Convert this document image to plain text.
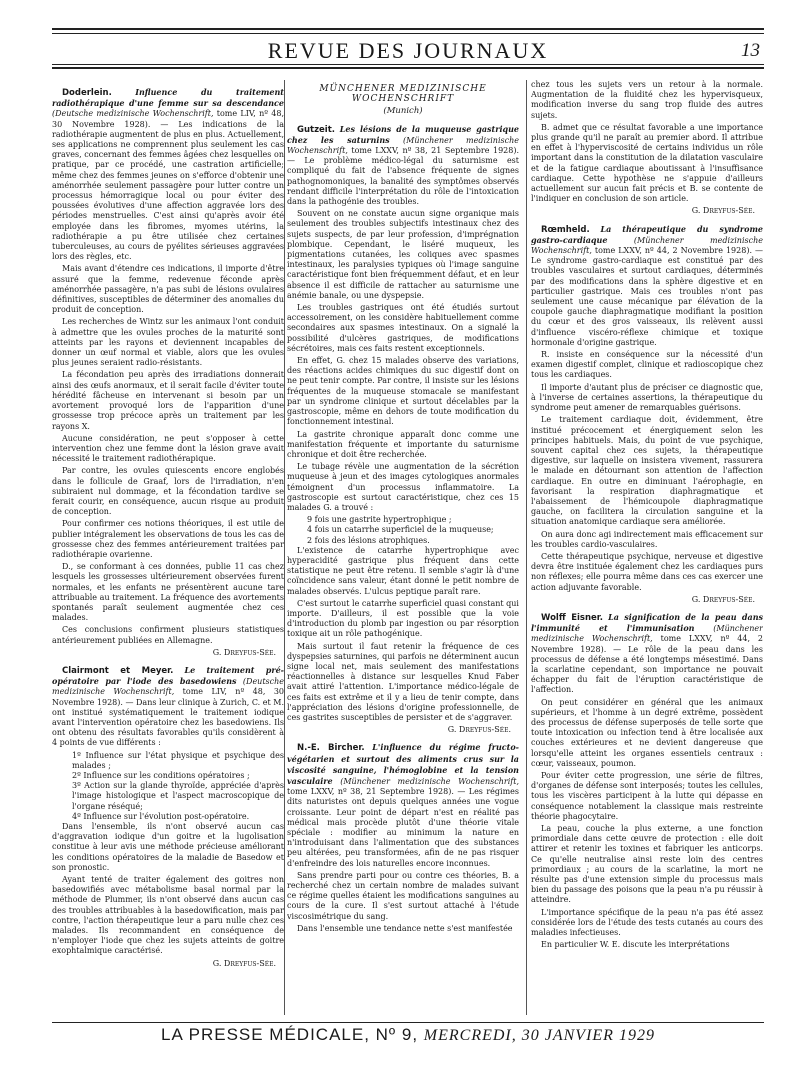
REVUE DES JOURNAUX	13

Doderlein.	Influence du traitement radiothérapique d'une femme sur sa descendance (Deutsche medizinische Wochenschrift, tome LIV, nº 48, 30 Novembre 1928). — Les indications de la radiothérapie augmentent de plus en plus. Actuellement, ses applications ne comprennent plus seulement les cas graves, concernant des femmes âgées chez lesquelles on pratique, par ce procédé, une castration artificielle; même chez des femmes jeunes on s'efforce d'obtenir une aménorrhée seulement passagère pour lutter contre un processus hémorragique local ou pour éviter des poussées évolutives d'une affection aggravée lors des périodes menstruelles. C'est ainsi qu'après avoir été employée dans les fibromes, myomes utérins, la radiothérapie a pu être utilisée chez certaines tuberculeuses, au cours de pyélites sérieuses aggravées lors des règles, etc.

Mais avant d'étendre ces indications, il importe d'être assuré que la femme, redevenue féconde après aménorrhée passagère, n'a pas subi de lésions ovulaires définitives, susceptibles de déterminer des anomalies du produit de conception.

Les recherches de Wintz sur les animaux l'ont conduit à admettre que les ovules proches de la maturité sont atteints par les rayons et deviennent incapables de donner un œuf normal et viable, alors que les ovules plus jeunes seraient radio-résistants.

La fécondation peu après des irradiations donnerait ainsi des œufs anormaux, et il serait facile d'éviter toute hérédité fâcheuse en intervenant si besoin par un avortement provoqué lors de l'apparition d'une grossesse trop précoce après un traitement par les rayons X.

Aucune considération, ne peut s'opposer à cette intervention chez une femme dont la lésion grave avait nécessité le traitement radiothérapique.

Par contre, les ovules quiescents encore englobés dans le follicule de Graaf, lors de l'irradiation, n'en subiraient nul dommage, et la fécondation tardive se ferait courir, en conséquence, aucun risque au produit de conception.

Pour confirmer ces notions théoriques, il est utile de publier intégralement les observations de tous les cas de grossesse chez des femmes antérieurement traitées par radiothérapie ovarienne.

D., se conformant à ces données, publie 11 cas chez lesquels les grossesses ultérieurement observées furent normales, et les enfants ne présentèrent aucune tare attribuable au traitement. La fréquence des avortements spontanés paraît seulement augmentée chez ces malades.

Ces conclusions confirment plusieurs statistiques antérieurement publiées en Allemagne.

G. Dreyfus-Sée.

Clairmont et Meyer. Le traitement pré-opératoire par l'iode des basedowiens (Deutsche medizinische Wochenschrift, tome LIV, nº 48, 30 Novembre 1928). — Dans leur clinique à Zurich, C. et M. ont institué systématiquement le traitement iodique avant l'intervention opératoire chez les basedowiens. Ils ont obtenu des résultats favorables qu'ils considèrent à 4 points de vue différents :

1º Influence sur l'état physique et psychique des malades ;

2º Influence sur les conditions opératoires ;

3º Action sur la glande thyroïde, appréciée d'après l'image histologique et l'aspect macroscopique de l'organe réséqué;

4º Influence sur l'évolution post-opératoire.

Dans l'ensemble, ils n'ont observé aucun cas d'aggravation iodique d'un goitre et la lugolisation constitue à leur avis une méthode précieuse améliorant les conditions opératoires de la maladie de Basedow et son pronostic.

Ayant tenté de traiter également des goitres non basedowifiés avec métabolisme basal normal par la méthode de Plummer, ils n'ont observé dans aucun cas des troubles attribuables à la basedowification, mais par contre, l'action thérapeutique leur a paru nulle chez ces malades. Ils recommandent en conséquence de n'employer l'iode que chez les sujets atteints de goitre exophtalmique caractérisé.

G. Dreyfus-Sée.

MÜNCHENER MEDIZINISCHE WOCHENSCHRIFT

(Munich)

Gutzeit. Les lésions de la muqueuse gastrique chez les saturnins (Münchener medizinische Wochenschrift, tome LXXV, nº 38, 21 Septembre 1928). — Le problème médico-légal du saturnisme est compliqué du fait de l'absence fréquente de signes pathognomoniques, la banalité des symptômes observés rendant difficile l'interprétation du rôle de l'intoxication dans la pathogénie des troubles.

Souvent on ne constate aucun signe organique mais seulement des troubles subjectifs intestinaux chez des sujets suspects, de par leur profession, d'imprégnation plombique. Cependant, le liséré muqueux, les pigmentations cutanées, les coliques avec spasmes intestinaux, les paralysies typiques où l'image sanguine caractéristique font bien fréquemment défaut, et en leur absence il est difficile de rattacher au saturnisme une anémie banale, ou une dyspepsie.

Les troubles gastriques ont été étudiés surtout accessoirement, on les considère habituellement comme secondaires aux spasmes intestinaux. On a signalé la possibilité d'ulcères gastriques, de modifications sécrétoires, mais ces faits restent exceptionnels.

En effet, G. chez 15 malades observe des variations, des réactions acides chimiques du suc digestif dont on ne peut tenir compte. Par contre, il insiste sur les lésions fréquentes de la muqueuse stomacale se manifestant par un syndrome clinique et surtout décelables par la gastroscopie, même en dehors de toute modification du fonctionnement intestinal.

La gastrite chronique apparaît donc comme une manifestation fréquente et importante du saturnisme chronique et doit être recherchée.

Le tubage révèle une augmentation de la sécrétion muqueuse à jeun et des images cytologiques anormales témoignent d'un processus inflammatoire. La gastroscopie est surtout caractéristique, chez ces 15 malades G. a trouvé :

9 fois une gastrite hypertrophique ;

4 fois un catarrhe superficiel de la muqueuse;

2 fois des lésions atrophiques.

L'existence de catarrhe hypertrophique avec hyperacidité gastrique plus fréquent dans cette statistique ne peut être retenu. Il semble s'agir là d'une coïncidence sans valeur, étant donné le petit nombre de malades observés. L'ulcus peptique paraît rare.

C'est surtout le catarrhe superficiel quasi constant qui importe. D'ailleurs, il est possible que la voie d'introduction du plomb par ingestion ou par résorption toxique ait un rôle pathogénique.

Mais surtout il faut retenir la fréquence de ces dyspepsies saturnines, qui parfois ne déterminent aucun signe local net, mais seulement des manifestations réactionnelles à distance sur lesquelles Knud Faber avait attiré l'attention. L'importance médico-légale de ces faits est extrême et il y a lieu de tenir compte, dans l'appréciation des lésions d'origine professionnelle, de ces gastrites susceptibles de persister et de s'aggraver.

G. Dreyfus-Sée.

N.-E. Bircher. L'influence du régime fructo-végétarien et surtout des aliments crus sur la viscosité sanguine, l'hémoglobine et la tension vasculaire (Münchener medizinische Wochenschrift, tome LXXV, nº 38, 21 Septembre 1928). — Les régimes dits naturistes ont depuis quelques années une vogue croissante. Leur point de départ n'est en réalité pas médical mais procède plutôt d'une théorie vitale spéciale : modifier au minimum la nature en n'introduisant dans l'alimentation que des substances peu altérées, peu transformées, afin de ne pas risquer d'enfreindre des lois naturelles encore inconnues.

Sans prendre parti pour ou contre ces théories, B. a recherché chez un certain nombre de malades suivant ce régime quelles étaient les modifications sanguines au cours de la cure. Il s'est surtout attaché à l'étude viscosimétrique du sang.

Dans l'ensemble une tendance nette s'est manifestée

chez tous les sujets vers un retour à la normale. Augmentation de la fluidité chez les hypervisqueux, modification inverse du sang trop fluide des autres sujets.

B. admet que ce résultat favorable a une importance plus grande qu'il ne paraît au premier abord. Il attribue en effet à l'hyperviscosité de certains individus un rôle important dans la constitution de la dilatation vasculaire et de la fatigue cardiaque aboutissant à l'insuffisance cardiaque. Cette hypothèse ne s'appuie d'ailleurs actuellement sur aucun fait précis et B. se contente de l'indiquer en conclusion de son article.

G. Dreyfus-Sée.

Rœmheld. La thérapeutique du syndrome gastro-cardiaque	(Münchener medizinische Wochenschrift, tome LXXV, nº 44, 2 Novembre 1928). — Le syndrome gastro-cardiaque est constitué par des troubles vasculaires et surtout cardiaques, déterminés par des modifications dans la sphère digestive et en particulier gastrique. Mais ces troubles n'ont pas seulement une cause mécanique par élévation de la coupole gauche diaphragmatique modifiant la position du cœur et des gros vaisseaux, ils relèvent aussi d'influence viscéro-réflexe chimique et toxique hormonale d'origine gastrique.

R. insiste en conséquence sur la nécessité d'un examen digestif complet, clinique et radioscopique chez tous les cardiaques.

Il importe d'autant plus de préciser ce diagnostic que, à l'inverse de certaines assertions, la thérapeutique du syndrome peut amener de remarquables guérisons.

Le traitement cardiaque doit, évidemment, être institué précocement et énergiquement selon les principes habituels. Mais, du point de vue psychique, souvent capital chez ces sujets, la thérapeutique digestive, sur laquelle on insistera vivement, rassurera le malade en détournant son attention de l'affection cardiaque. En outre en diminuant l'aérophagie, en favorisant la respiration diaphragmatique et l'abaissement de l'hémicoupole diaphragmatique gauche, on facilitera la circulation sanguine et la situation anatomique cardiaque sera améliorée.

On aura donc agi indirectement mais efficacement sur les troubles cardio-vasculaires.

Cette thérapeutique psychique, nerveuse et digestive devra être instituée également chez les cardiaques purs non réflexes; elle pourra même dans ces cas exercer une action adjuvante favorable.

G. Dreyfus-Sée.

Wolff Eisner. La signification de la peau dans l'immunité et l'immunisation (Münchener medizinische Wochenschrift, tome LXXV, nº 44, 2 Novembre 1928). — Le rôle de la peau dans les processus de défense a été longtemps mésestimé. Dans la scarlatine cependant, son importance ne pouvait échapper du fait de l'éruption caractéristique de l'affection.

On peut considérer en général que les animaux supérieurs, et l'homme à un degré extrême, possèdent des processus de défense superposés de telle sorte que toute intoxication ou infection tend à être localisée aux couches extérieures et ne devient dangereuse que lorsqu'elle atteint les organes essentiels centraux : cœur, vaisseaux, poumon.

Pour éviter cette progression, une série de filtres, d'organes de défense sont interposés; toutes les cellules, tous les viscères participent à la lutte qui dépasse en conséquence notablement la classique mais restreinte théorie phagocytaire.

La peau, couche la plus externe, a une fonction primordiale dans cette œuvre de protection : elle doit attirer et retenir les toxines et fabriquer les anticorps. Ce qu'elle neutralise ainsi reste loin des centres primordiaux ; au cours de la scarlatine, la mort ne résulte pas d'une extension simple du processus mais bien du passage des poisons que la peau n'a pu réussir à atteindre.

L'importance spécifique de la peau n'a pas été assez considérée lors de l'étude des tests cutanés au cours des maladies infectieuses.

En particulier W. E. discute les interprétations

LA PRESSE MÉDICALE, Nº 9, MERCREDI, 30 JANVIER 1929
